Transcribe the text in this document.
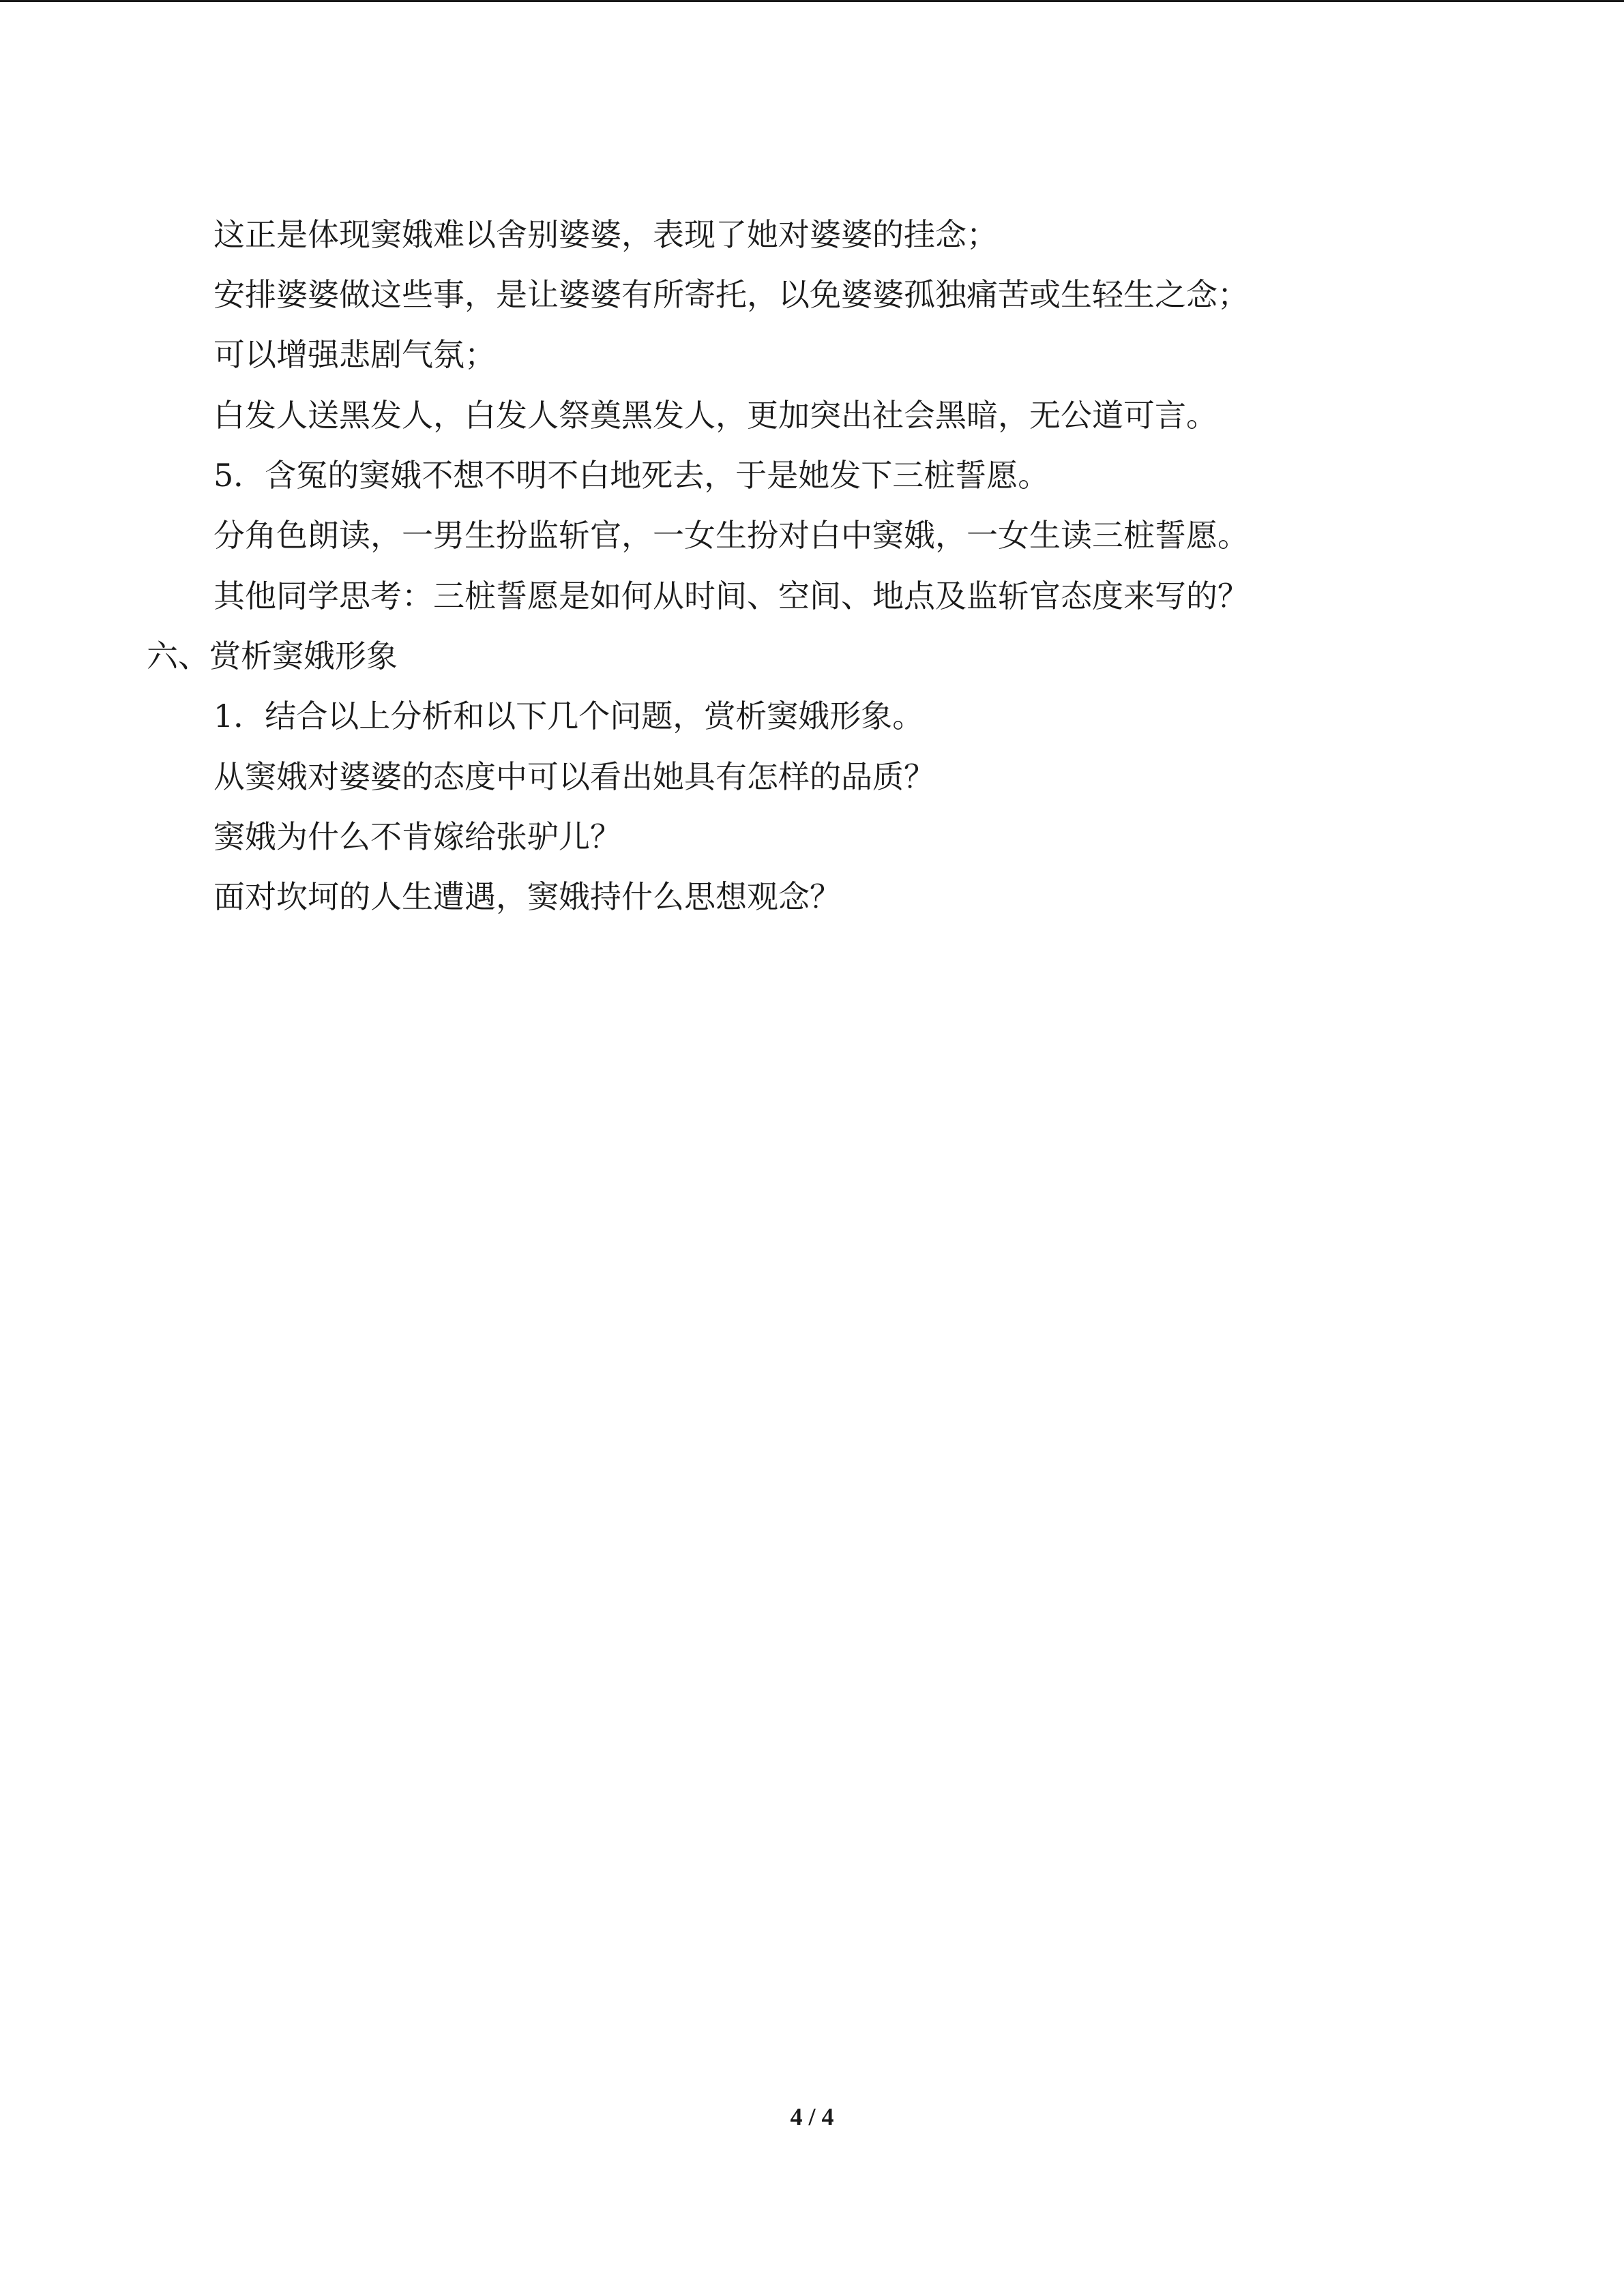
这正是体现窦娥难以舍别婆婆，表现了她对婆婆的挂念；
安排婆婆做这些事，是让婆婆有所寄托，以免婆婆孤独痛苦或生轻生之念；
可以增强悲剧气氛；
白发人送黑发人，白发人祭奠黑发人，更加突出社会黑暗，无公道可言。
5．含冤的窦娥不想不明不白地死去，于是她发下三桩誓愿。
分角色朗读，一男生扮监斩官，一女生扮对白中窦娥，一女生读三桩誓愿。
其他同学思考：三桩誓愿是如何从时间、空间、地点及监斩官态度来写的？
六、赏析窦娥形象
1．结合以上分析和以下几个问题，赏析窦娥形象。
从窦娥对婆婆的态度中可以看出她具有怎样的品质？
窦娥为什么不肯嫁给张驴儿？
面对坎坷的人生遭遇，窦娥持什么思想观念？
4 / 4
